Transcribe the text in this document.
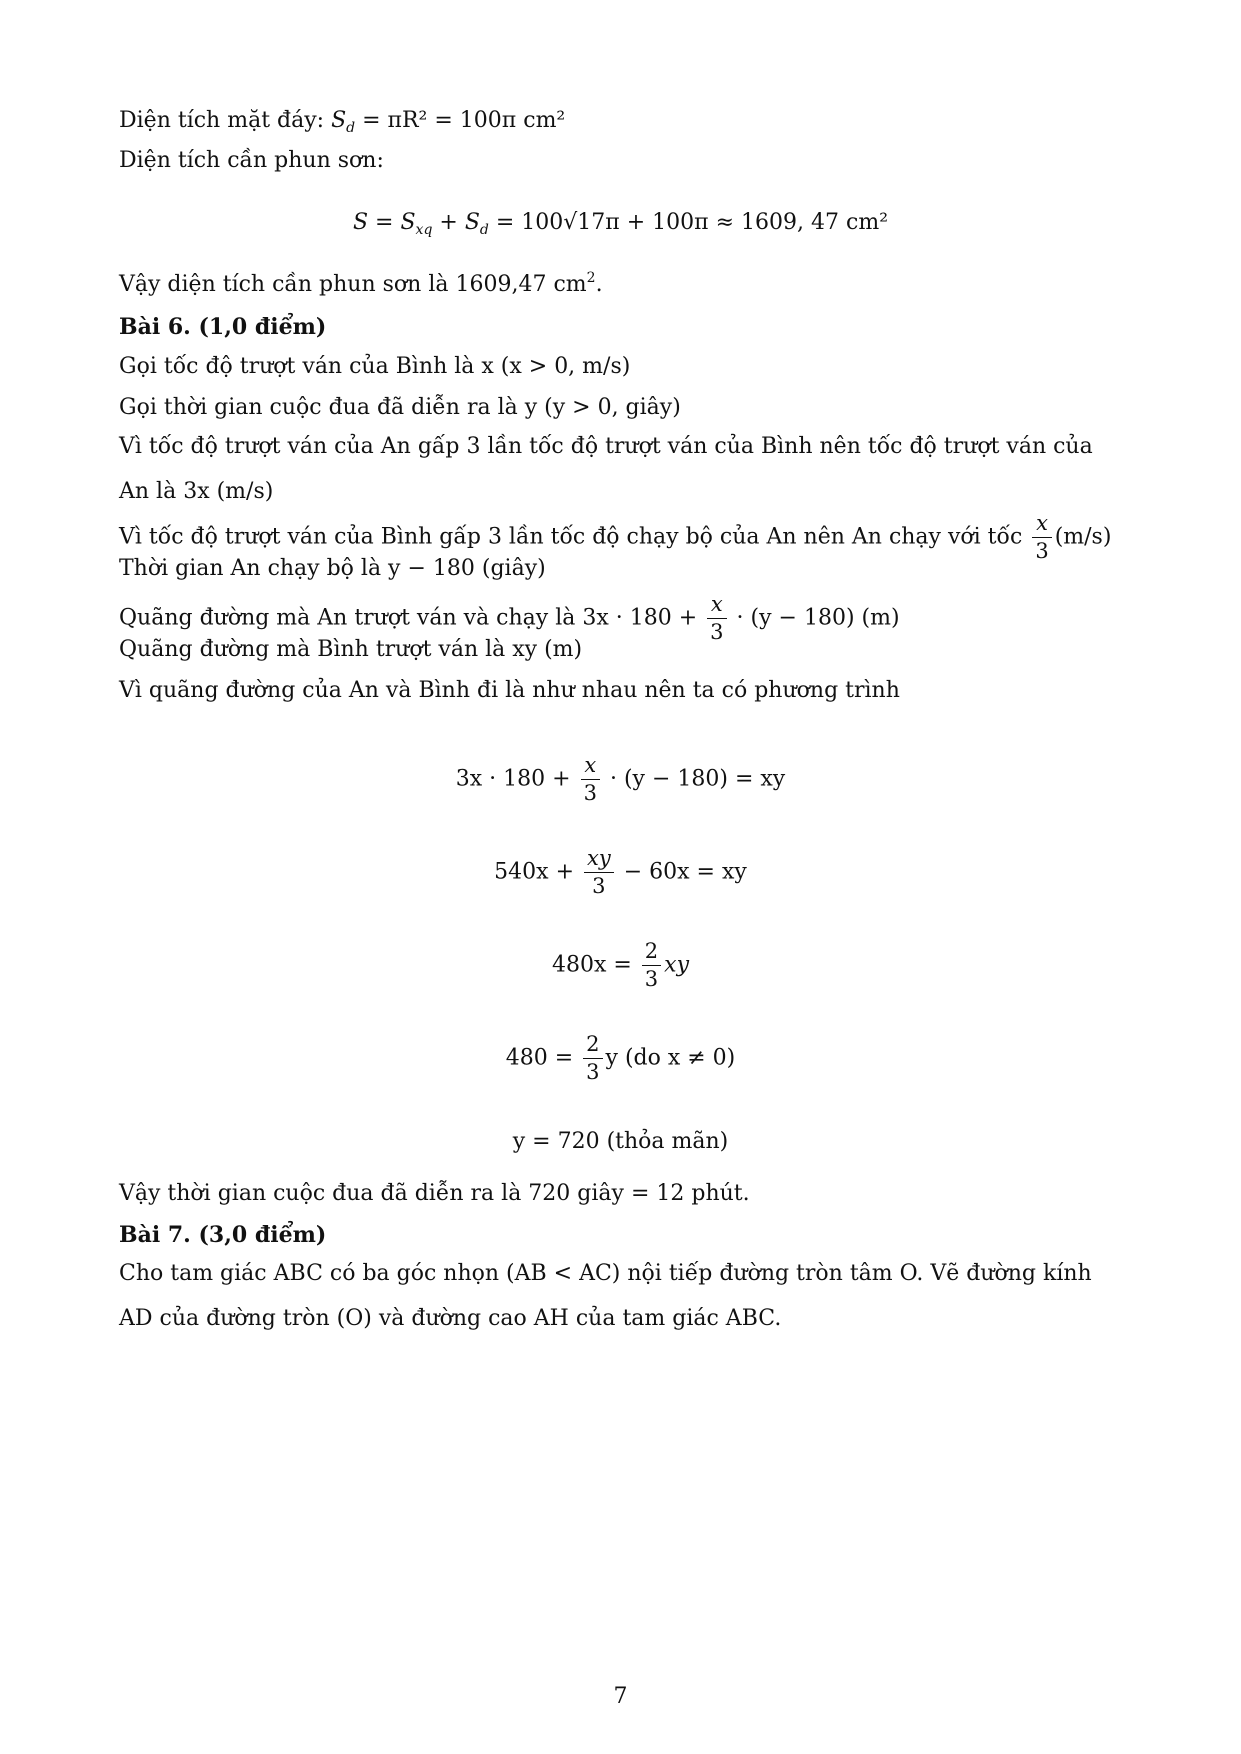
Diện tích mặt đáy: $S_d = \pi R^2 = 100\pi$ cm²
Diện tích cần phun sơn:
$S = S_{xq} + S_d = 100√17\pi + 100\pi \approx 1609$, 47 cm²
Vậy diện tích cần phun sơn là 1609,47 $cm^2$.
Bài 6. (1,0 điểm)
Gọi tốc độ trượt ván của Bình là x (x > 0, m/s)
Gọi thời gian cuộc đua đã diễn ra là y (y > 0, giây)
Vì tốc độ trượt ván của An gấp 3 lần tốc độ trượt ván của Bình nên tốc độ trượt ván của An là 3x (m/s)
Vì tốc độ trượt ván của Bình gấp 3 lần tốc độ chạy bộ của An nên An chạy với tốc $\frac{x}{3} (m/s)$
Thời gian An chạy bộ là y − 180 (giây)
Quãng đường mà An trượt ván và chạy là $3x \cdot 180 + \frac{x}{3} \cdot (y - 180)$ (m)
Quãng đường mà Bình trượt ván là xy (m)
Vì quãng đường của An và Bình đi là như nhau nên ta có phương trình
$3x \cdot 180 + \frac{x}{3} \cdot (y - 180)$ = xy
$540x + \frac{xy}{3} - 60x$ = xy
$480x = \frac{2}{3}$ xy
$480 = \frac{2}{3}$ y (do x ≠ 0)
y = 720 (thỏa mãn)
Vậy thời gian cuộc đua đã diễn ra là 720 giây = 12 phút.
Bài 7. (3,0 điểm)
Cho tam giác ABC có ba góc nhọn (AB < AC) nội tiếp đường tròn tâm O. Vẽ đường kính AD của đường tròn (O) và đường cao AH của tam giác ABC.
7
